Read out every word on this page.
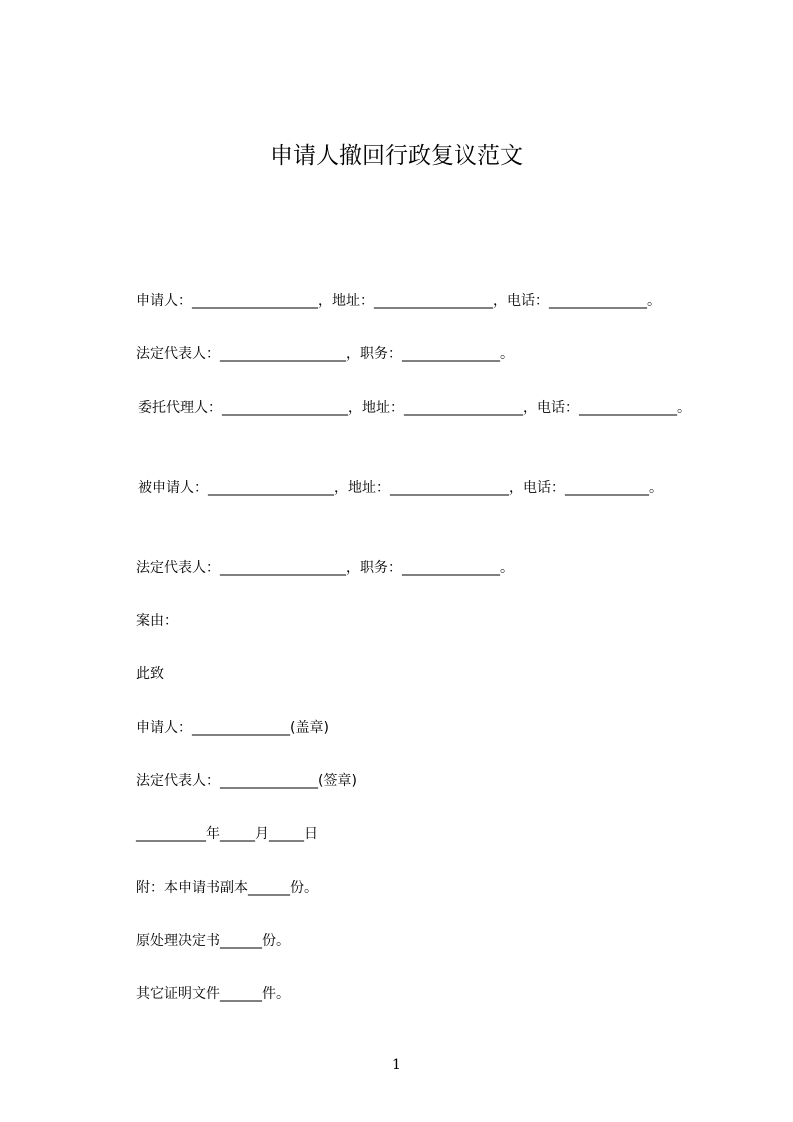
申请人撤回行政复议范文

申请人：__________________，地址：_________________，电话：______________。

法定代表人：__________________，职务：______________。

委托代理人：__________________，地址：_________________，电话：______________。

被申请人：__________________，地址：_________________，电话：____________。

法定代表人：__________________，职务：______________。

案由：

此致

申请人：______________(盖章)

法定代表人：______________(签章)

__________年_____月_____日

附：本申请书副本______份。

原处理决定书______份。

其它证明文件______件。

1
